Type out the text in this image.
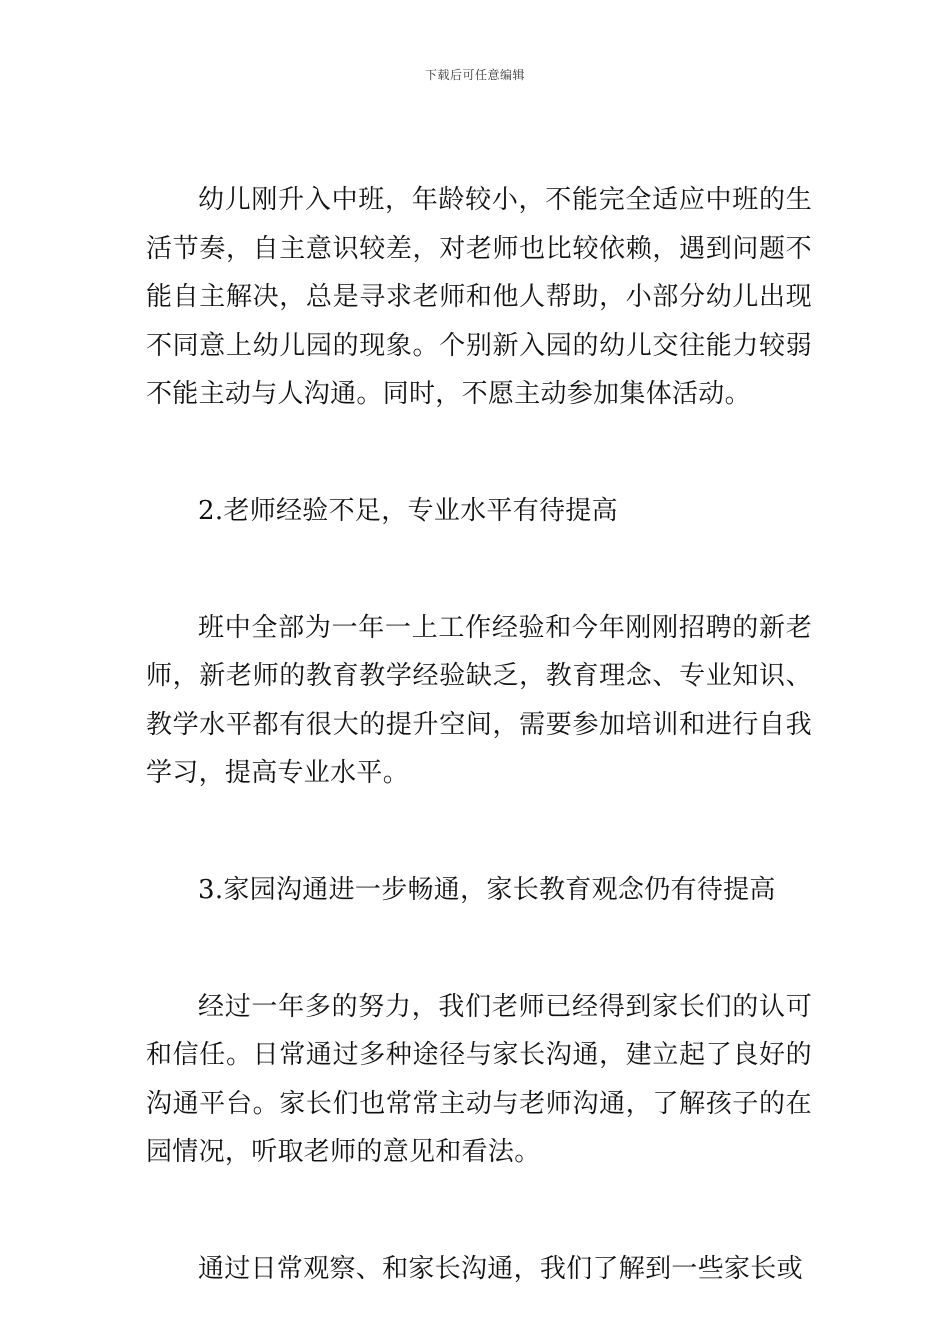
下载后可任意编辑

幼儿刚升入中班，年龄较小，不能完全适应中班的生活节奏，自主意识较差，对老师也比较依赖，遇到问题不能自主解决，总是寻求老师和他人帮助，小部分幼儿出现不同意上幼儿园的现象。个别新入园的幼儿交往能力较弱不能主动与人沟通。同时，不愿主动参加集体活动。

2.老师经验不足，专业水平有待提高

班中全部为一年一上工作经验和今年刚刚招聘的新老师，新老师的教育教学经验缺乏，教育理念、专业知识、教学水平都有很大的提升空间，需要参加培训和进行自我学习，提高专业水平。

3.家园沟通进一步畅通，家长教育观念仍有待提高

经过一年多的努力，我们老师已经得到家长们的认可和信任。日常通过多种途径与家长沟通，建立起了良好的沟通平台。家长们也常常主动与老师沟通，了解孩子的在园情况，听取老师的意见和看法。

通过日常观察、和家长沟通，我们了解到一些家长或
